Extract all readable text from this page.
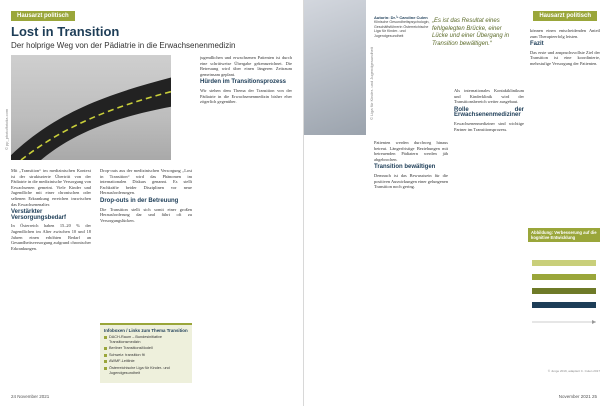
Hausarzt politisch
Lost in Transition
Der holprige Weg von der Pädiatrie in die Erwachsenenmedizin
© pp_photo/fotolia.com

Mit „Transition“ im medizinischen Kontext ist der strukturierte Übertritt von der Pädiatrie in die medizinische Versorgung von Erwachsenen gemeint. Viele Kinder und Jugendliche mit einer chronischen oder seltenen Erkrankung erreichen inzwischen das Erwachsenenalter.

Verstärkter Versorgungsbedarf

In Österreich haben 15–20 % der Jugendlichen im Alter zwischen 10 und 18 Jahren einen erhöhten Bedarf an Gesundheitsversorgung aufgrund chronischer Erkrankungen.

Drop-outs aus der medizinischen Versorgung „Lost in Transition“ wird das Phänomen im internationalen Diskurs genannt. Es stellt Fachkräfte beider Disziplinen vor neue Herausforderungen.

Drop-outs in der Betreuung

Die Transition stellt sich somit einer großen Herausforderung dar und führt oft zu Versorgungslücken.

jugendlichen und erwachsenen Patienten ist durch eine schrittweise Übergabe gekennzeichnet. Die Betreuung wird über einen längeren Zeitraum gemeinsam geplant.

Hürden im Transitionsprozess

Wir stehen dem Thema der Transition von der Pädiatrie in die Erwachsenenmedizin bisher eher zögerlich gegenüber.

Infoboxen / Links zum Thema Transition
DACH-Raum – Bundesinitiative Transitionsmedizin
Berliner TransitionsModell
Schweiz: transition fit
AWMF-Leitlinie
Österreichische Liga für Kinder- und Jugendgesundheit
24 November 2021
© Liga für Kinder- und Jugendgesundheit
Hausarzt politisch
Autorin: Dr.ⁱⁿ Caroline Culen
Klinische Gesundheitspsychologin, Geschäftsführerin Österreichische Liga für Kinder- und Jugendgesundheit
„Es ist das Resultat eines fehlgelegten Brücke, einer Lücke und einer Übergang in Transition bewältigen.“

Patienten werden durchweg hinaus betreut. Längerfristige Beziehungen mit betreuenden Pädiatern werden jäh abgebrochen.

Transition bewältigen

Demnach ist das Bewusstsein für die positiven Auswirkungen einer gelungenen Transition noch gering.

Als internationales Kontaktklinikum und Kinderklinik wird der Transitionsbereich weiter ausgebaut.

Rolle der Erwachsenenmediziner

Erwachsenenmediziner sind wichtige Partner im Transitionsprozess.

können einen entscheidenden Anteil zum Therapieerfolg leisten.

Fazit

Das erste und anspruchsvollste Ziel der Transition ist eine koordinierte, mehrstufige Versorgung der Patienten.

Abbildung: Verbesserung auf die kognitive Entwicklung
© Junge 2019, adaptiert C. Culen 2017
November 2021 25
